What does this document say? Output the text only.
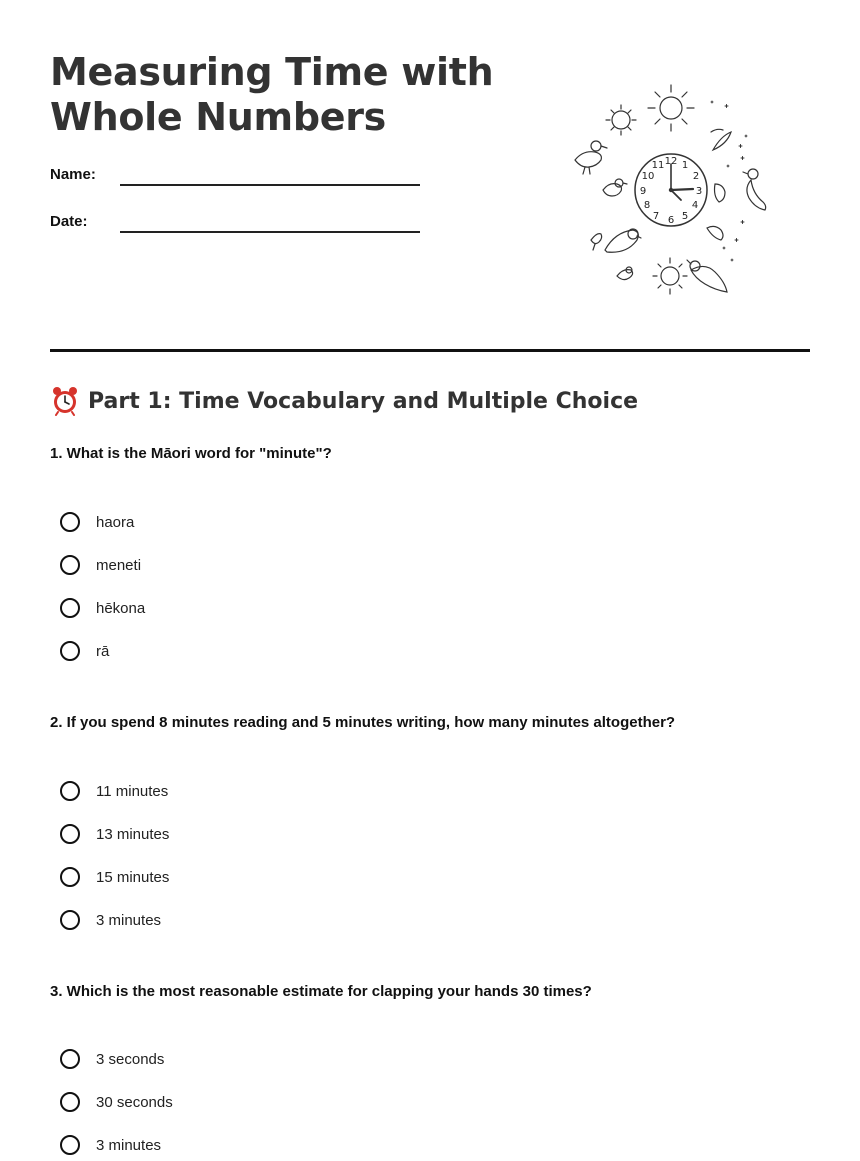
Measuring Time with
Whole Numbers
Name:
Date:
12 1
2
3
4
5
6
7
8
9
10
11
Part 1: Time Vocabulary and Multiple Choice
1. What is the Māori word for "minute"?
haora
meneti
hēkona
rā
2. If you spend 8 minutes reading and 5 minutes writing, how many minutes altogether?
11 minutes
13 minutes
15 minutes
3 minutes
3. Which is the most reasonable estimate for clapping your hands 30 times?
3 seconds
30 seconds
3 minutes
